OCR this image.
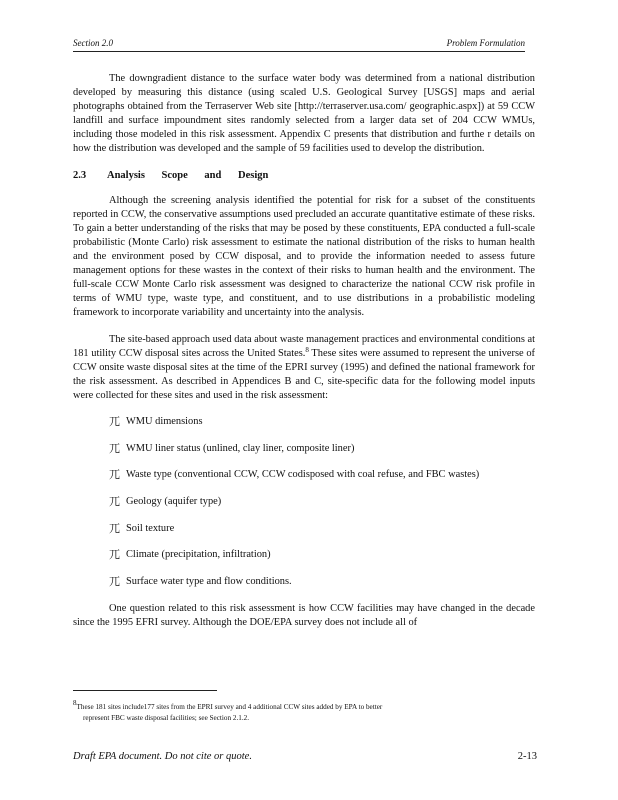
Section 2.0	Problem Formulation

The downgradient distance to the surface water body was determined from a national distribution developed by measuring this distance (using scaled U.S. Geological Survey [USGS] maps and aerial photographs obtained from the Terraserver Web site [http://terraserver.usa.com/ geographic.aspx]) at 59 CCW landfill and surface impoundment sites randomly selected from a larger data set of 204 CCW WMUs, including those modeled in this risk assessment. Appendix C presents that distribution and furthe r details on how the distribution was developed and the sample of 59 facilities used to develop the distribution.

2.3 Analysis Scope and Design

Although the screening analysis identified the potential for risk for a subset of the constituents reported in CCW, the conservative assumptions used precluded an accurate quantitative estimate of these risks. To gain a better understanding of the risks that may be posed by these constituents, EPA conducted a full-scale probabilistic (Monte Carlo) risk assessment to estimate the national distribution of the risks to human health and the environment posed by CCW disposal, and to provide the information needed to assess future management options for these wastes in the context of their risks to human health and the environment. The full-scale CCW Monte Carlo risk assessment was designed to characterize the national CCW risk profile in terms of WMU type, waste type, and constituent, and to use distributions in a probabilistic modeling framework to incorporate variability and uncertainty into the analysis.

The site-based approach used data about waste management practices and environmental conditions at 181 utility CCW disposal sites across the United States.$^8$ These sites were assumed to represent the universe of CCW onsite waste disposal sites at the time of the EPRI survey (1995) and defined the national framework for the risk assessment. As described in Appendices B and C, site-specific data for the following model inputs were collected for these sites and used in the risk assessment:

兀 WMU dimensions
兀 WMU liner status (unlined, clay liner, composite liner)
兀 Waste type (conventional CCW, CCW codisposed with coal refuse, and FBC wastes)
兀 Geology (aquifer type)
兀 Soil texture
兀 Climate (precipitation, infiltration)
兀 Surface water type and flow conditions.

One question related to this risk assessment is how CCW facilities may have changed in the decade since the 1995 EFRI survey. Although the DOE/EPA survey does not include all of

$^8$These 181 sites include177 sites from the EPRI survey and 4 additional CCW sites added by EPA to better
represent FBC waste disposal facilities; see Section 2.1.2.
Draft EPA document. Do not cite or quote.	2-13
